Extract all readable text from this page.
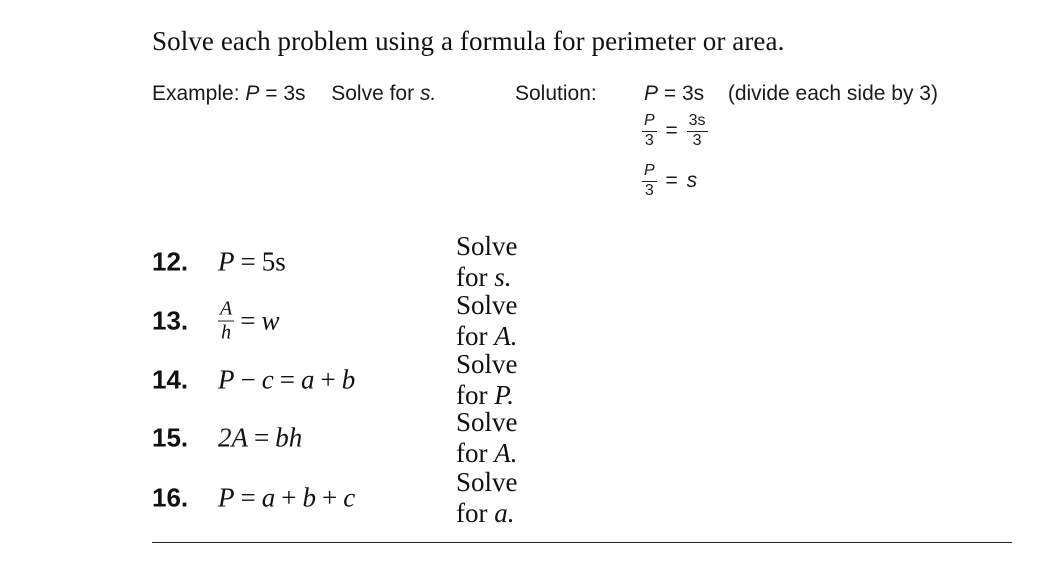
Solve each problem using a formula for perimeter or area.
Example: P = 3s Solve for s.	Solution: P = 3s (divide each side by 3)
$\frac{P}{3} = \frac{3s}{3}$
$\frac{P}{3} = s$
12. P = 5s
Solve for s.
13. $\frac{A}{h} = w$
Solve for A.
14. P − c = a + b
Solve for P.
15. 2A = bh
Solve for A.
16. P = a + b + c
Solve for a.
